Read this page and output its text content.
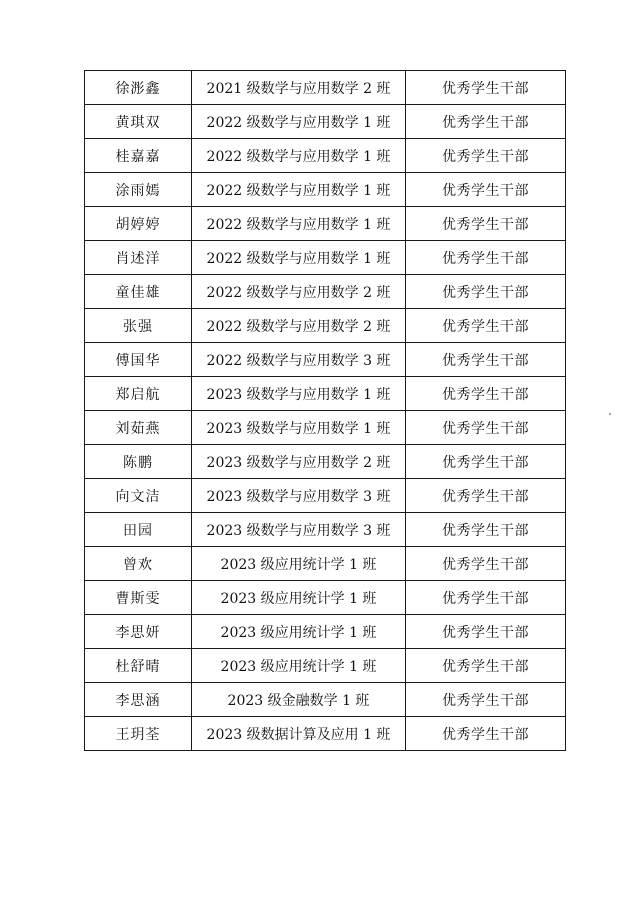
徐浵鑫	2021 级数学与应用数学 2 班	优秀学生干部
黄琪双	2022 级数学与应用数学 1 班	优秀学生干部
桂嘉嘉	2022 级数学与应用数学 1 班	优秀学生干部
涂雨嫣	2022 级数学与应用数学 1 班	优秀学生干部
胡婷婷	2022 级数学与应用数学 1 班	优秀学生干部
肖述洋	2022 级数学与应用数学 1 班	优秀学生干部
童佳雄	2022 级数学与应用数学 2 班	优秀学生干部
张强	2022 级数学与应用数学 2 班	优秀学生干部
傅国华	2022 级数学与应用数学 3 班	优秀学生干部
郑启航	2023 级数学与应用数学 1 班	优秀学生干部
刘茹燕	2023 级数学与应用数学 1 班	优秀学生干部
陈鹏	2023 级数学与应用数学 2 班	优秀学生干部
向文洁	2023 级数学与应用数学 3 班	优秀学生干部
田园	2023 级数学与应用数学 3 班	优秀学生干部
曾欢	2023 级应用统计学 1 班	优秀学生干部
曹斯雯	2023 级应用统计学 1 班	优秀学生干部
李思妍	2023 级应用统计学 1 班	优秀学生干部
杜舒晴	2023 级应用统计学 1 班	优秀学生干部
李思涵	2023 级金融数学 1 班	优秀学生干部
王玥荃	2023 级数据计算及应用 1 班	优秀学生干部
